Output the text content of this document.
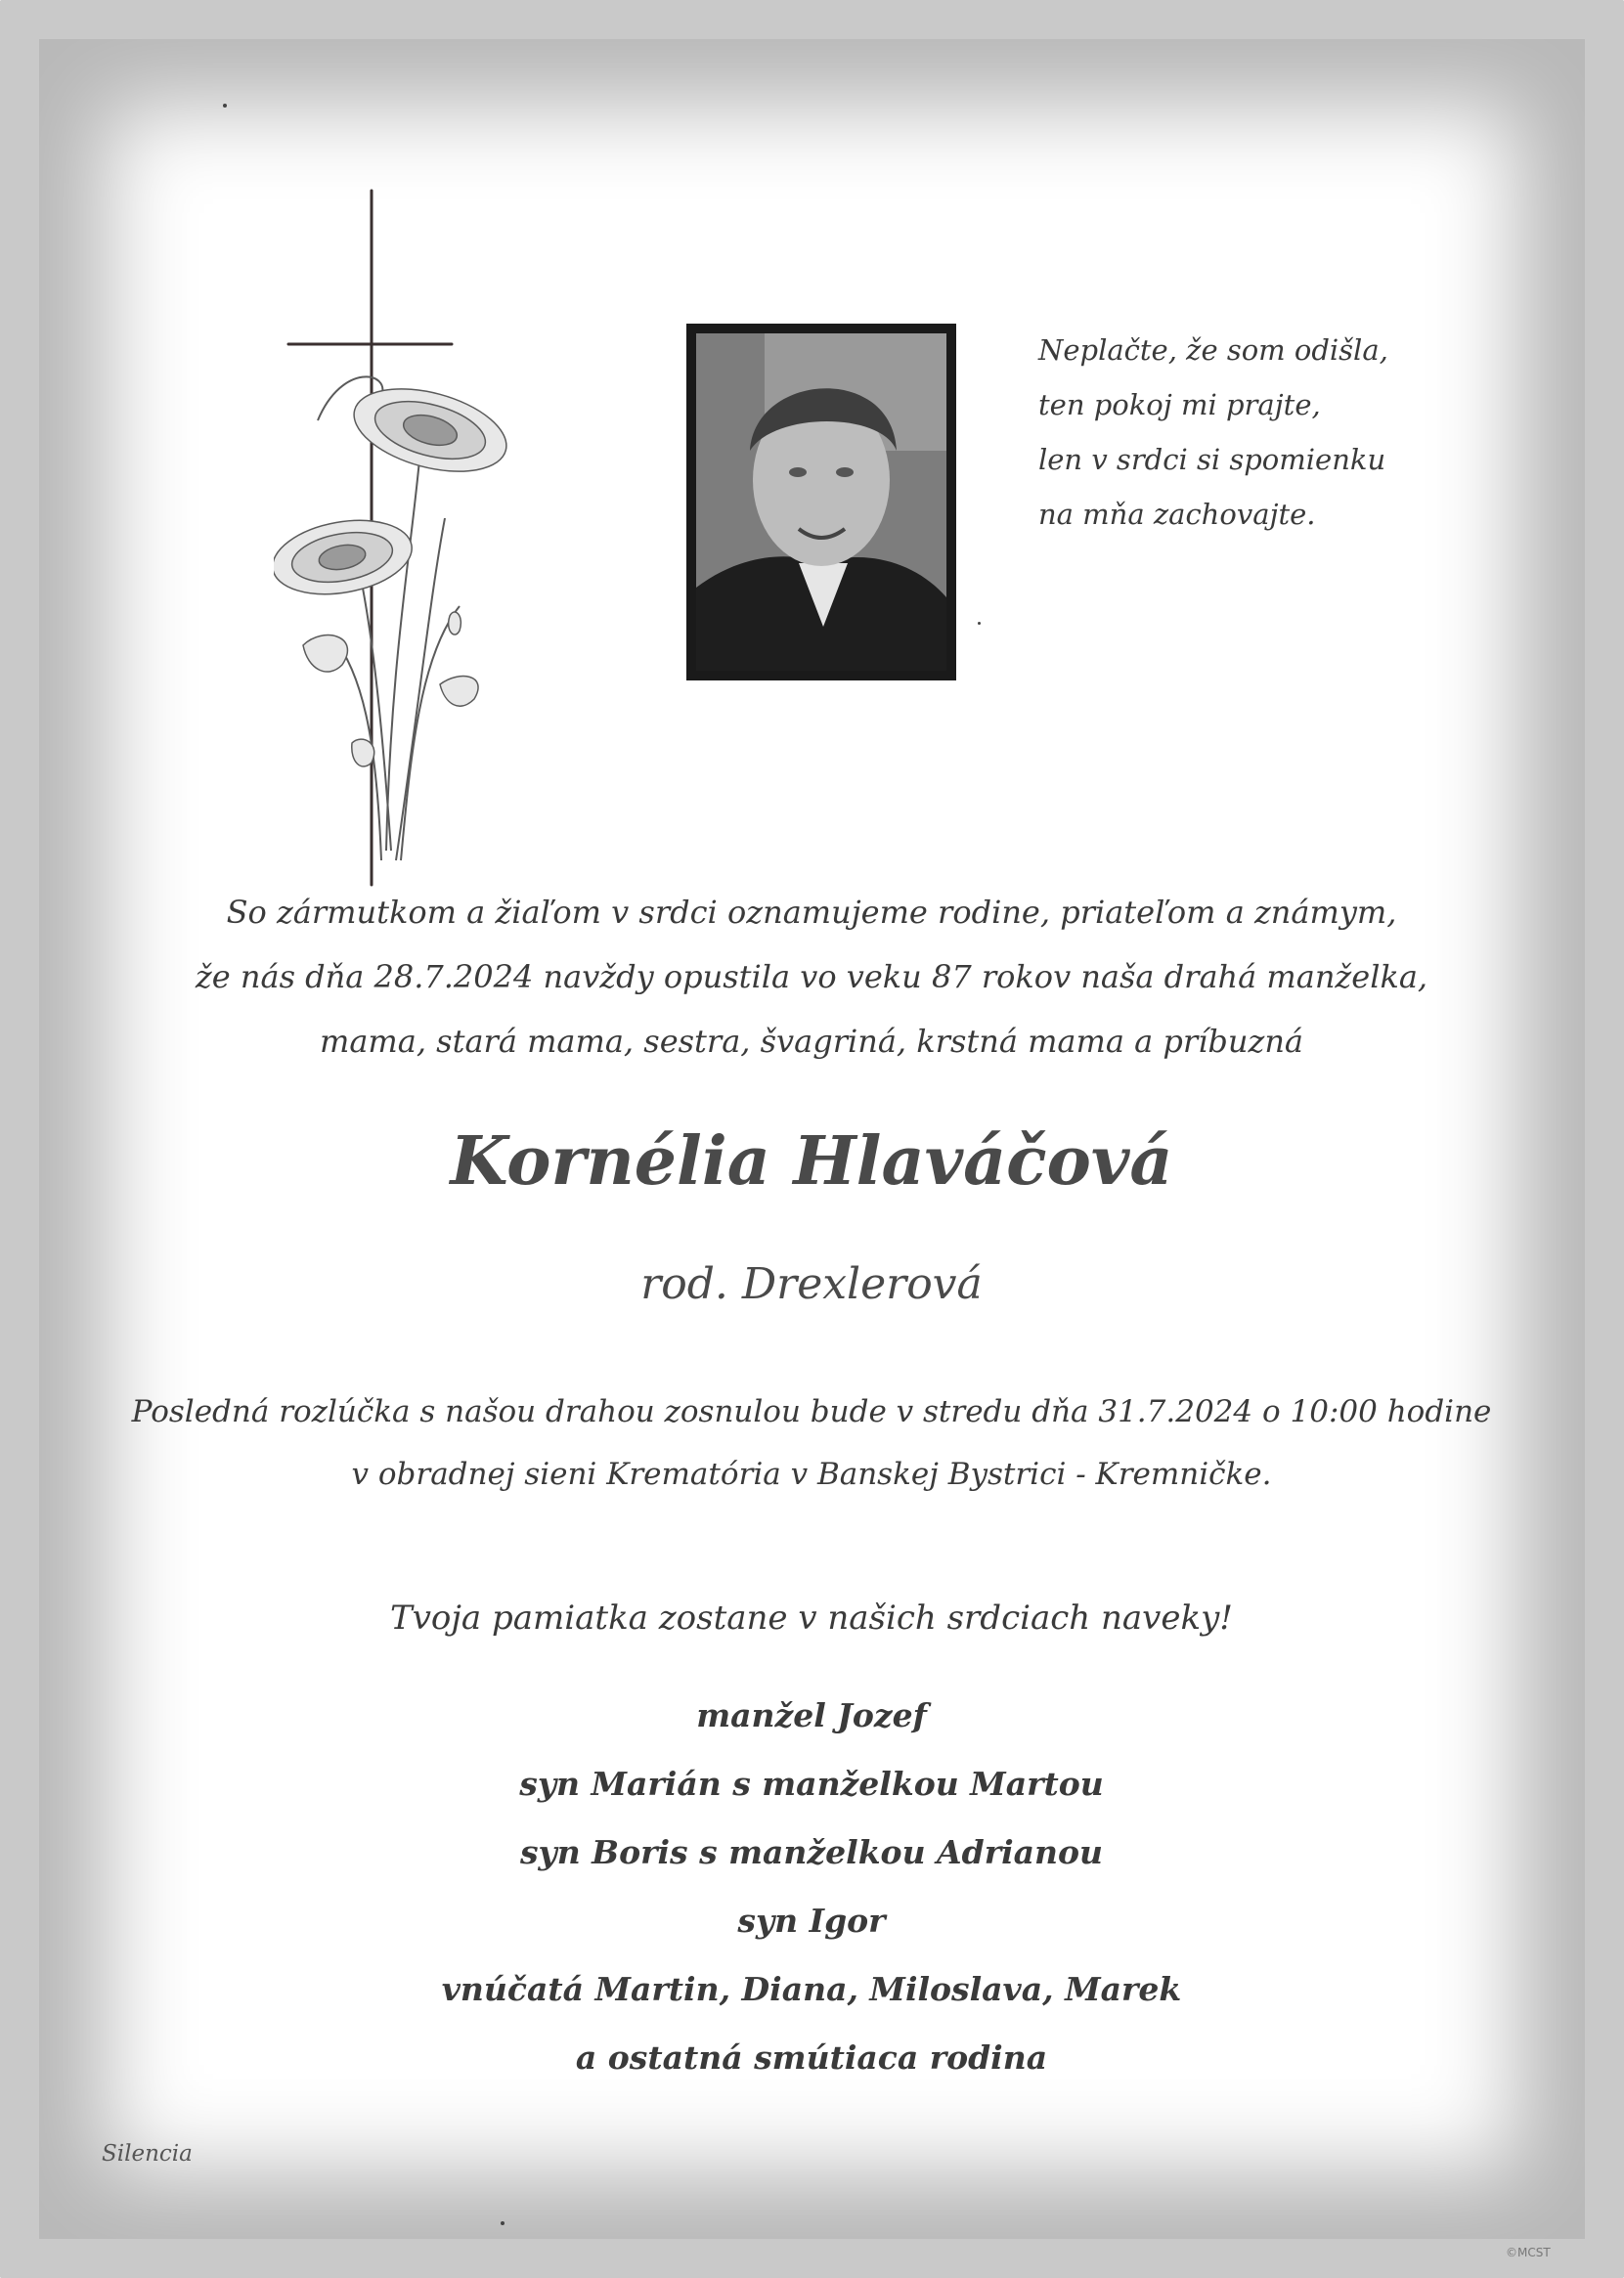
Neplačte, že som odišla,
ten pokoj mi prajte,
len v srdci si spomienku
na mňa zachovajte.
So zármutkom a žiaľom v srdci oznamujeme rodine, priateľom a známym,
že nás dňa 28.7.2024 navždy opustila vo veku 87 rokov naša drahá manželka,
mama, stará mama, sestra, švagriná, krstná mama a príbuzná
Kornélia Hlaváčová
rod. Drexlerová
Posledná rozlúčka s našou drahou zosnulou bude v stredu dňa 31.7.2024 o 10:00 hodine
v obradnej sieni Krematória v Banskej Bystrici - Kremničke.
Tvoja pamiatka zostane v našich srdciach naveky!
manžel Jozef
syn Marián s manželkou Martou
syn Boris s manželkou Adrianou
syn Igor
vnúčatá Martin, Diana, Miloslava, Marek
a ostatná smútiaca rodina
Silencia
©MCST
